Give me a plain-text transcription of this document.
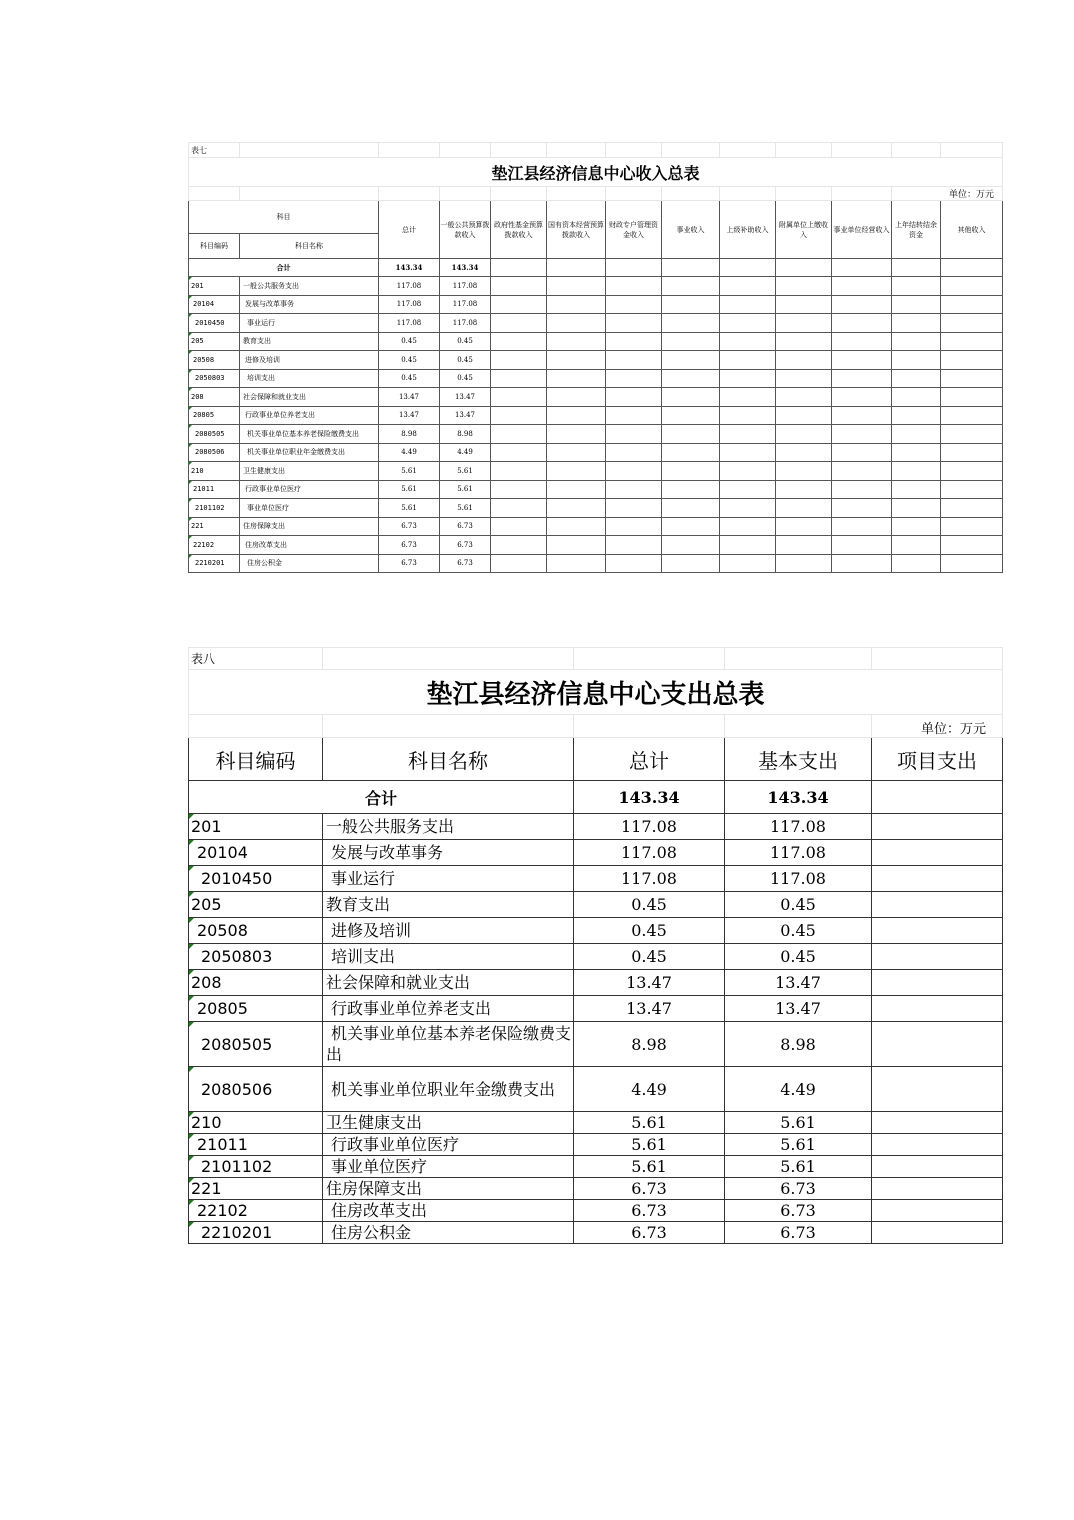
表七												
垫江县经济信息中心收入总表												
											单位：万元	
科目		总计	一般公共预算拨款收入	政府性基金预算拨款收入	国有资本经营预算拨款收入	财政专户管理资金收入	事业收入	上级补助收入	附属单位上缴收入	事业单位经营收入	上年结转结余资金	其他收入
科目编码	科目名称											
合计		143.34	143.34									

201	一般公共服务支出	117.08	117.08									

20104	发展与改革事务	117.08	117.08									

2010450	事业运行	117.08	117.08									

205	教育支出	0.45	0.45									

20508	进修及培训	0.45	0.45									

2050803	培训支出	0.45	0.45									

208	社会保障和就业支出	13.47	13.47									

20805	行政事业单位养老支出	13.47	13.47									

2080505	机关事业单位基本养老保险缴费支出	8.98	8.98									

2080506	机关事业单位职业年金缴费支出	4.49	4.49									

210	卫生健康支出	5.61	5.61									

21011	行政事业单位医疗	5.61	5.61									

2101102	事业单位医疗	5.61	5.61									

221	住房保障支出	6.73	6.73									

22102	住房改革支出	6.73	6.73									

2210201	住房公积金	6.73	6.73									
表八				
垫江县经济信息中心支出总表				
				单位：万元
科目编码	科目名称	总计	基本支出	项目支出
合计		143.34	143.34	

201	一般公共服务支出	117.08	117.08	

20104	发展与改革事务	117.08	117.08	

2010450	事业运行	117.08	117.08	

205	教育支出	0.45	0.45	

20508	进修及培训	0.45	0.45	

2050803	培训支出	0.45	0.45	

208	社会保障和就业支出	13.47	13.47	

20805	行政事业单位养老支出	13.47	13.47	

2080505	机关事业单位基本养老保险缴费支出	8.98	8.98	

2080506	机关事业单位职业年金缴费支出	4.49	4.49	

210	卫生健康支出	5.61	5.61	

21011	行政事业单位医疗	5.61	5.61	

2101102	事业单位医疗	5.61	5.61	

221	住房保障支出	6.73	6.73	

22102	住房改革支出	6.73	6.73	

2210201	住房公积金	6.73	6.73	
